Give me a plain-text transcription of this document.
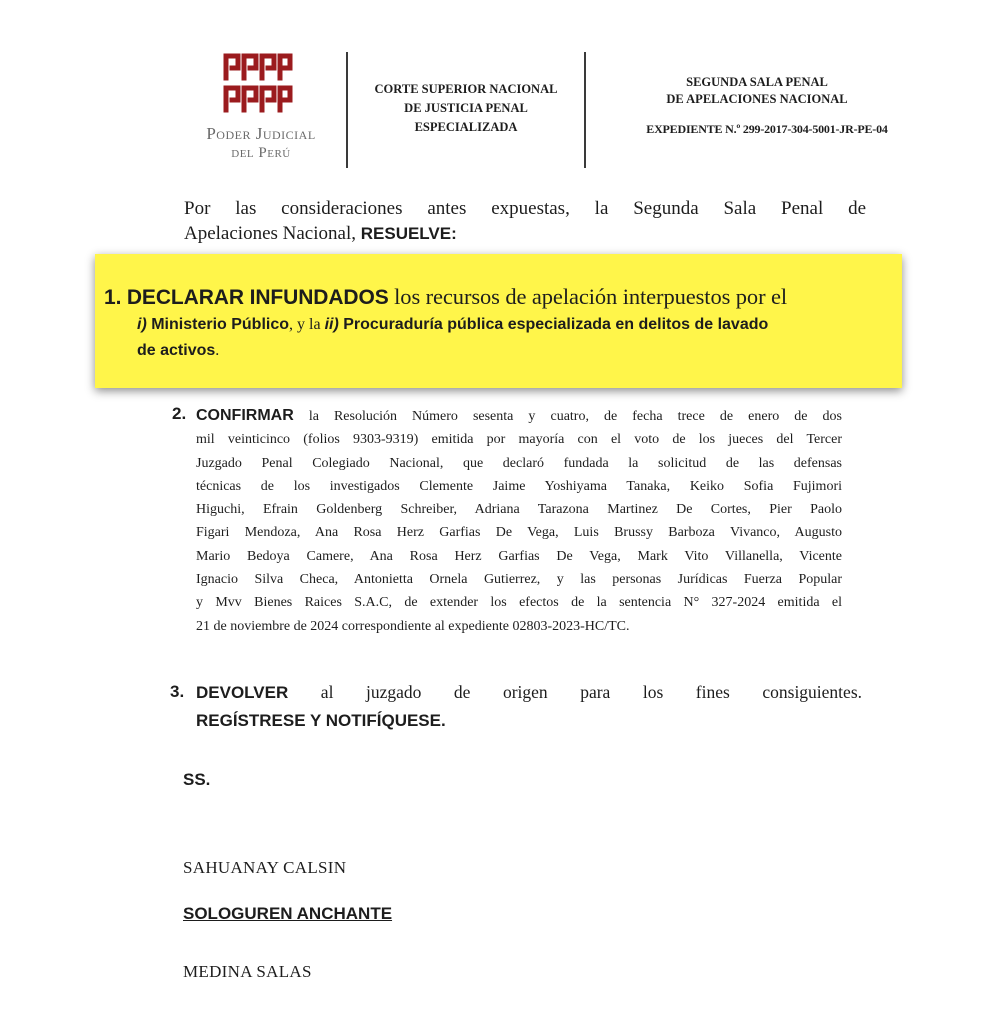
Poder Judicial
del Perú
CORTE SUPERIOR NACIONAL
DE JUSTICIA PENAL
ESPECIALIZADA
SEGUNDA SALA PENAL
DE APELACIONES NACIONAL
EXPEDIENTE N.º 299-2017-304-5001-JR-PE-04
Por las consideraciones antes expuestas, la Segunda Sala Penal de
Apelaciones Nacional, RESUELVE:
1. DECLARAR INFUNDADOS los recursos de apelación interpuestos por el
i) Ministerio Público, y la ii) Procuraduría pública especializada en delitos de lavado
de activos.
2. CONFIRMAR la Resolución Número sesenta y cuatro, de fecha trece de enero de dos
mil veinticinco (folios 9303-9319) emitida por mayoría con el voto de los jueces del Tercer
Juzgado Penal Colegiado Nacional, que declaró fundada la solicitud de las defensas
técnicas de los investigados Clemente Jaime Yoshiyama Tanaka, Keiko Sofia Fujimori
Higuchi, Efrain Goldenberg Schreiber, Adriana Tarazona Martinez De Cortes, Pier Paolo
Figari Mendoza, Ana Rosa Herz Garfias De Vega, Luis Brussy Barboza Vivanco, Augusto
Mario Bedoya Camere, Ana Rosa Herz Garfias De Vega, Mark Vito Villanella, Vicente
Ignacio Silva Checa, Antonietta Ornela Gutierrez, y las personas Jurídicas Fuerza Popular
y Mvv Bienes Raices S.A.C, de extender los efectos de la sentencia N° 327-2024 emitida el
21 de noviembre de 2024 correspondiente al expediente 02803-2023-HC/TC.
3. DEVOLVER al juzgado de origen para los fines consiguientes.
REGÍSTRESE Y NOTIFÍQUESE.
SS.
SAHUANAY CALSIN
SOLOGUREN ANCHANTE
MEDINA SALAS
